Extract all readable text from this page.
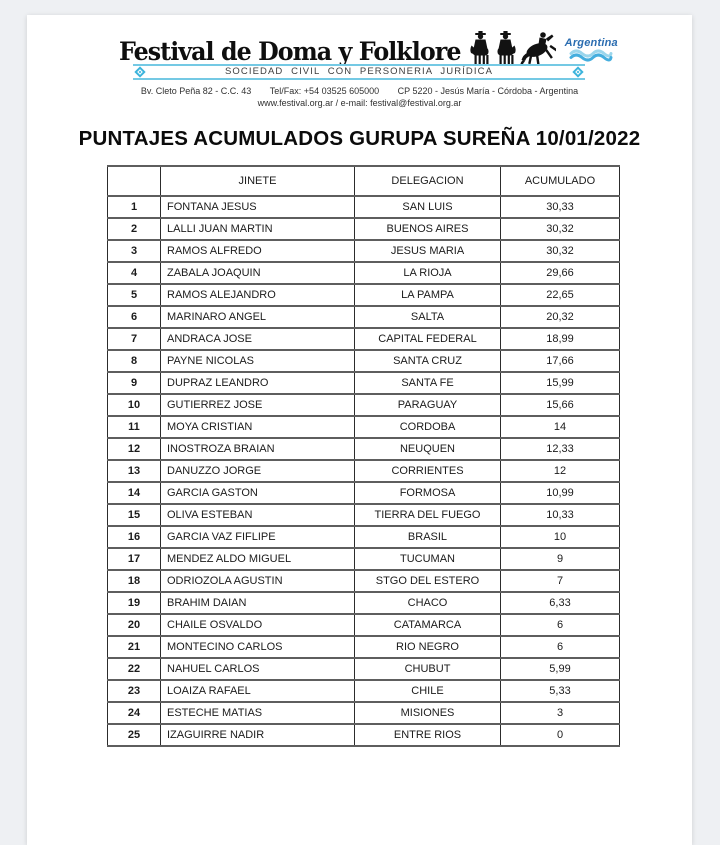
Festival de Doma y Folklore	Argentina
SOCIEDAD CIVIL CON PERSONERIA JURÍDICA
Bv. Cleto Peña 82 - C.C. 43 Tel/Fax: +54 03525 605000 CP 5220 - Jesús María - Córdoba - Argentina
www.festival.org.ar / e-mail: festival@festival.org.ar
PUNTAJES ACUMULADOS GURUPA SUREÑA 10/01/2022
	JINETE	DELEGACION	ACUMULADO
1	FONTANA JESUS	SAN LUIS	30,33
2	LALLI JUAN MARTIN	BUENOS AIRES	30,32
3	RAMOS ALFREDO	JESUS MARIA	30,32
4	ZABALA JOAQUIN	LA RIOJA	29,66
5	RAMOS ALEJANDRO	LA PAMPA	22,65
6	MARINARO ANGEL	SALTA	20,32
7	ANDRACA JOSE	CAPITAL FEDERAL	18,99
8	PAYNE NICOLAS	SANTA CRUZ	17,66
9	DUPRAZ LEANDRO	SANTA FE	15,99
10	GUTIERREZ JOSE	PARAGUAY	15,66
11	MOYA CRISTIAN	CORDOBA	14
12	INOSTROZA BRAIAN	NEUQUEN	12,33
13	DANUZZO JORGE	CORRIENTES	12
14	GARCIA GASTON	FORMOSA	10,99
15	OLIVA ESTEBAN	TIERRA DEL FUEGO	10,33
16	GARCIA VAZ FIFLIPE	BRASIL	10
17	MENDEZ ALDO MIGUEL	TUCUMAN	9
18	ODRIOZOLA AGUSTIN	STGO DEL ESTERO	7
19	BRAHIM DAIAN	CHACO	6,33
20	CHAILE OSVALDO	CATAMARCA	6
21	MONTECINO CARLOS	RIO NEGRO	6
22	NAHUEL CARLOS	CHUBUT	5,99
23	LOAIZA RAFAEL	CHILE	5,33
24	ESTECHE MATIAS	MISIONES	3
25	IZAGUIRRE NADIR	ENTRE RIOS	0
